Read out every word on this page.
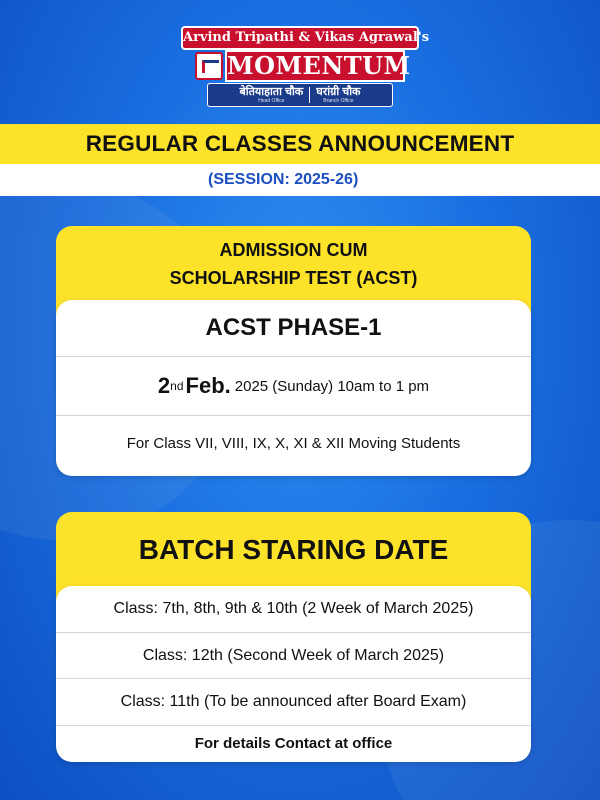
Arvind Tripathi & Vikas Agrawal's
MOMENTUM
बेतियाहाता चौक
Head Office
घरांग्री चौक
Branch Office
REGULAR CLASSES ANNOUNCEMENT
(SESSION: 2025-26)
ADMISSION CUM
SCHOLARSHIP TEST (ACST)
ACST PHASE-1
2 nd Feb. 2025 (Sunday) 10am to 1 pm
For Class VII, VIII, IX, X, XI & XII Moving Students
BATCH STARING DATE
Class: 7th, 8th, 9th & 10th (2 Week of March 2025)
Class: 12th (Second Week of March 2025)
Class: 11th (To be announced after Board Exam)
For details Contact at office
